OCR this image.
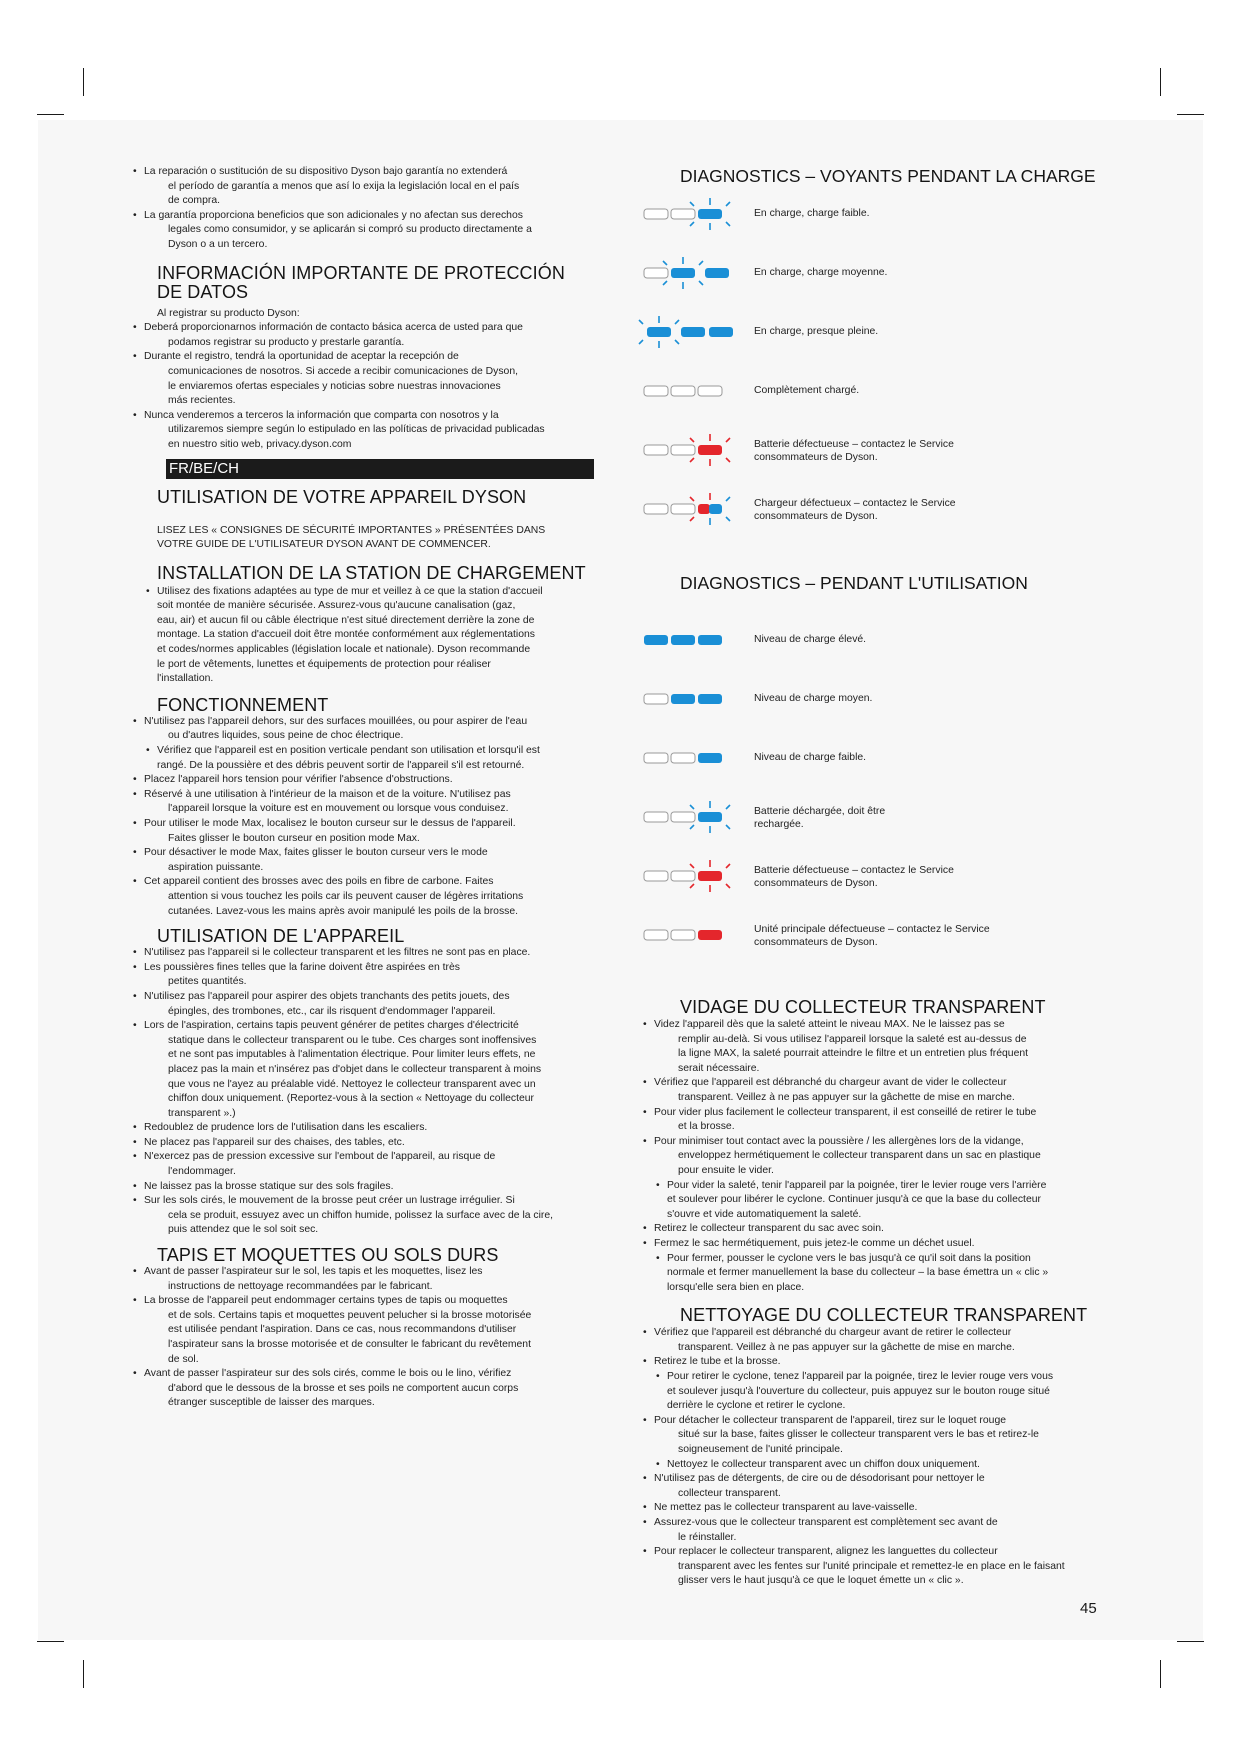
• La reparación o sustitución de su dispositivo Dyson bajo garantía no extenderá
el período de garantía a menos que así lo exija la legislación local en el país
de compra.
• La garantía proporciona beneficios que son adicionales y no afectan sus derechos
legales como consumidor, y se aplicarán si compró su producto directamente a
Dyson o a un tercero.
INFORMACIÓN IMPORTANTE DE PROTECCIÓN
DE DATOS
Al registrar su producto Dyson:
• Deberá proporcionarnos información de contacto básica acerca de usted para que
podamos registrar su producto y prestarle garantía.
• Durante el registro, tendrá la oportunidad de aceptar la recepción de
comunicaciones de nosotros. Si accede a recibir comunicaciones de Dyson,
le enviaremos ofertas especiales y noticias sobre nuestras innovaciones
más recientes.
• Nunca venderemos a terceros la información que comparta con nosotros y la
utilizaremos siempre según lo estipulado en las políticas de privacidad publicadas
en nuestro sitio web, privacy.dyson.com
FR/BE/CH
UTILISATION DE VOTRE APPAREIL DYSON
LISEZ LES « CONSIGNES DE SÉCURITÉ IMPORTANTES » PRÉSENTÉES DANS
VOTRE GUIDE DE L'UTILISATEUR DYSON AVANT DE COMMENCER.
INSTALLATION DE LA STATION DE CHARGEMENT
• Utilisez des fixations adaptées au type de mur et veillez à ce que la station d'accueil
soit montée de manière sécurisée. Assurez-vous qu'aucune canalisation (gaz,
eau, air) et aucun fil ou câble électrique n'est situé directement derrière la zone de
montage. La station d'accueil doit être montée conformément aux réglementations
et codes/normes applicables (législation locale et nationale). Dyson recommande
le port de vêtements, lunettes et équipements de protection pour réaliser
l'installation.
FONCTIONNEMENT
• N'utilisez pas l'appareil dehors, sur des surfaces mouillées, ou pour aspirer de l'eau
ou d'autres liquides, sous peine de choc électrique.
• Vérifiez que l'appareil est en position verticale pendant son utilisation et lorsqu'il est
rangé. De la poussière et des débris peuvent sortir de l'appareil s'il est retourné.
• Placez l'appareil hors tension pour vérifier l'absence d'obstructions.
• Réservé à une utilisation à l'intérieur de la maison et de la voiture. N'utilisez pas
l'appareil lorsque la voiture est en mouvement ou lorsque vous conduisez.
• Pour utiliser le mode Max, localisez le bouton curseur sur le dessus de l'appareil.
Faites glisser le bouton curseur en position mode Max.
• Pour désactiver le mode Max, faites glisser le bouton curseur vers le mode
aspiration puissante.
• Cet appareil contient des brosses avec des poils en fibre de carbone. Faites
attention si vous touchez les poils car ils peuvent causer de légères irritations
cutanées. Lavez-vous les mains après avoir manipulé les poils de la brosse.
UTILISATION DE L'APPAREIL
• N'utilisez pas l'appareil si le collecteur transparent et les filtres ne sont pas en place.
• Les poussières fines telles que la farine doivent être aspirées en très
petites quantités.
• N'utilisez pas l'appareil pour aspirer des objets tranchants des petits jouets, des
épingles, des trombones, etc., car ils risquent d'endommager l'appareil.
• Lors de l'aspiration, certains tapis peuvent générer de petites charges d'électricité
statique dans le collecteur transparent ou le tube. Ces charges sont inoffensives
et ne sont pas imputables à l'alimentation électrique. Pour limiter leurs effets, ne
placez pas la main et n'insérez pas d'objet dans le collecteur transparent à moins
que vous ne l'ayez au préalable vidé. Nettoyez le collecteur transparent avec un
chiffon doux uniquement. (Reportez-vous à la section « Nettoyage du collecteur
transparent ».)
• Redoublez de prudence lors de l'utilisation dans les escaliers.
• Ne placez pas l'appareil sur des chaises, des tables, etc.
• N'exercez pas de pression excessive sur l'embout de l'appareil, au risque de
l'endommager.
• Ne laissez pas la brosse statique sur des sols fragiles.
• Sur les sols cirés, le mouvement de la brosse peut créer un lustrage irrégulier. Si
cela se produit, essuyez avec un chiffon humide, polissez la surface avec de la cire,
puis attendez que le sol soit sec.
TAPIS ET MOQUETTES OU SOLS DURS
• Avant de passer l'aspirateur sur le sol, les tapis et les moquettes, lisez les
instructions de nettoyage recommandées par le fabricant.
• La brosse de l'appareil peut endommager certains types de tapis ou moquettes
et de sols. Certains tapis et moquettes peuvent pelucher si la brosse motorisée
est utilisée pendant l'aspiration. Dans ce cas, nous recommandons d'utiliser
l'aspirateur sans la brosse motorisée et de consulter le fabricant du revêtement
de sol.
• Avant de passer l'aspirateur sur des sols cirés, comme le bois ou le lino, vérifiez
d'abord que le dessous de la brosse et ses poils ne comportent aucun corps
étranger susceptible de laisser des marques.
DIAGNOSTICS – VOYANTS PENDANT LA CHARGE
En charge, charge faible.
En charge, charge moyenne.
En charge, presque pleine.
Complètement chargé.
Batterie défectueuse – contactez le Service
consommateurs de Dyson.
Chargeur défectueux – contactez le Service
consommateurs de Dyson.
DIAGNOSTICS – PENDANT L'UTILISATION
Niveau de charge élevé.
Niveau de charge moyen.
Niveau de charge faible.
Batterie déchargée, doit être
rechargée.
Batterie défectueuse – contactez le Service
consommateurs de Dyson.
Unité principale défectueuse – contactez le Service
consommateurs de Dyson.
VIDAGE DU COLLECTEUR TRANSPARENT
• Videz l'appareil dès que la saleté atteint le niveau MAX. Ne le laissez pas se
remplir au-delà. Si vous utilisez l'appareil lorsque la saleté est au-dessus de
la ligne MAX, la saleté pourrait atteindre le filtre et un entretien plus fréquent
serait nécessaire.
• Vérifiez que l'appareil est débranché du chargeur avant de vider le collecteur
transparent. Veillez à ne pas appuyer sur la gâchette de mise en marche.
• Pour vider plus facilement le collecteur transparent, il est conseillé de retirer le tube
et la brosse.
• Pour minimiser tout contact avec la poussière / les allergènes lors de la vidange,
enveloppez hermétiquement le collecteur transparent dans un sac en plastique
pour ensuite le vider.
• Pour vider la saleté, tenir l'appareil par la poignée, tirer le levier rouge vers l'arrière
et soulever pour libérer le cyclone. Continuer jusqu'à ce que la base du collecteur
s'ouvre et vide automatiquement la saleté.
• Retirez le collecteur transparent du sac avec soin.
• Fermez le sac hermétiquement, puis jetez-le comme un déchet usuel.
• Pour fermer, pousser le cyclone vers le bas jusqu'à ce qu'il soit dans la position
normale et fermer manuellement la base du collecteur – la base émettra un « clic »
lorsqu'elle sera bien en place.
NETTOYAGE DU COLLECTEUR TRANSPARENT
• Vérifiez que l'appareil est débranché du chargeur avant de retirer le collecteur
transparent. Veillez à ne pas appuyer sur la gâchette de mise en marche.
• Retirez le tube et la brosse.
• Pour retirer le cyclone, tenez l'appareil par la poignée, tirez le levier rouge vers vous
et soulever jusqu'à l'ouverture du collecteur, puis appuyez sur le bouton rouge situé
derrière le cyclone et retirer le cyclone.
• Pour détacher le collecteur transparent de l'appareil, tirez sur le loquet rouge
situé sur la base, faites glisser le collecteur transparent vers le bas et retirez-le
soigneusement de l'unité principale.
• Nettoyez le collecteur transparent avec un chiffon doux uniquement.
• N'utilisez pas de détergents, de cire ou de désodorisant pour nettoyer le
collecteur transparent.
• Ne mettez pas le collecteur transparent au lave-vaisselle.
• Assurez-vous que le collecteur transparent est complètement sec avant de
le réinstaller.
• Pour replacer le collecteur transparent, alignez les languettes du collecteur
transparent avec les fentes sur l'unité principale et remettez-le en place en le faisant
glisser vers le haut jusqu'à ce que le loquet émette un « clic ».
45
